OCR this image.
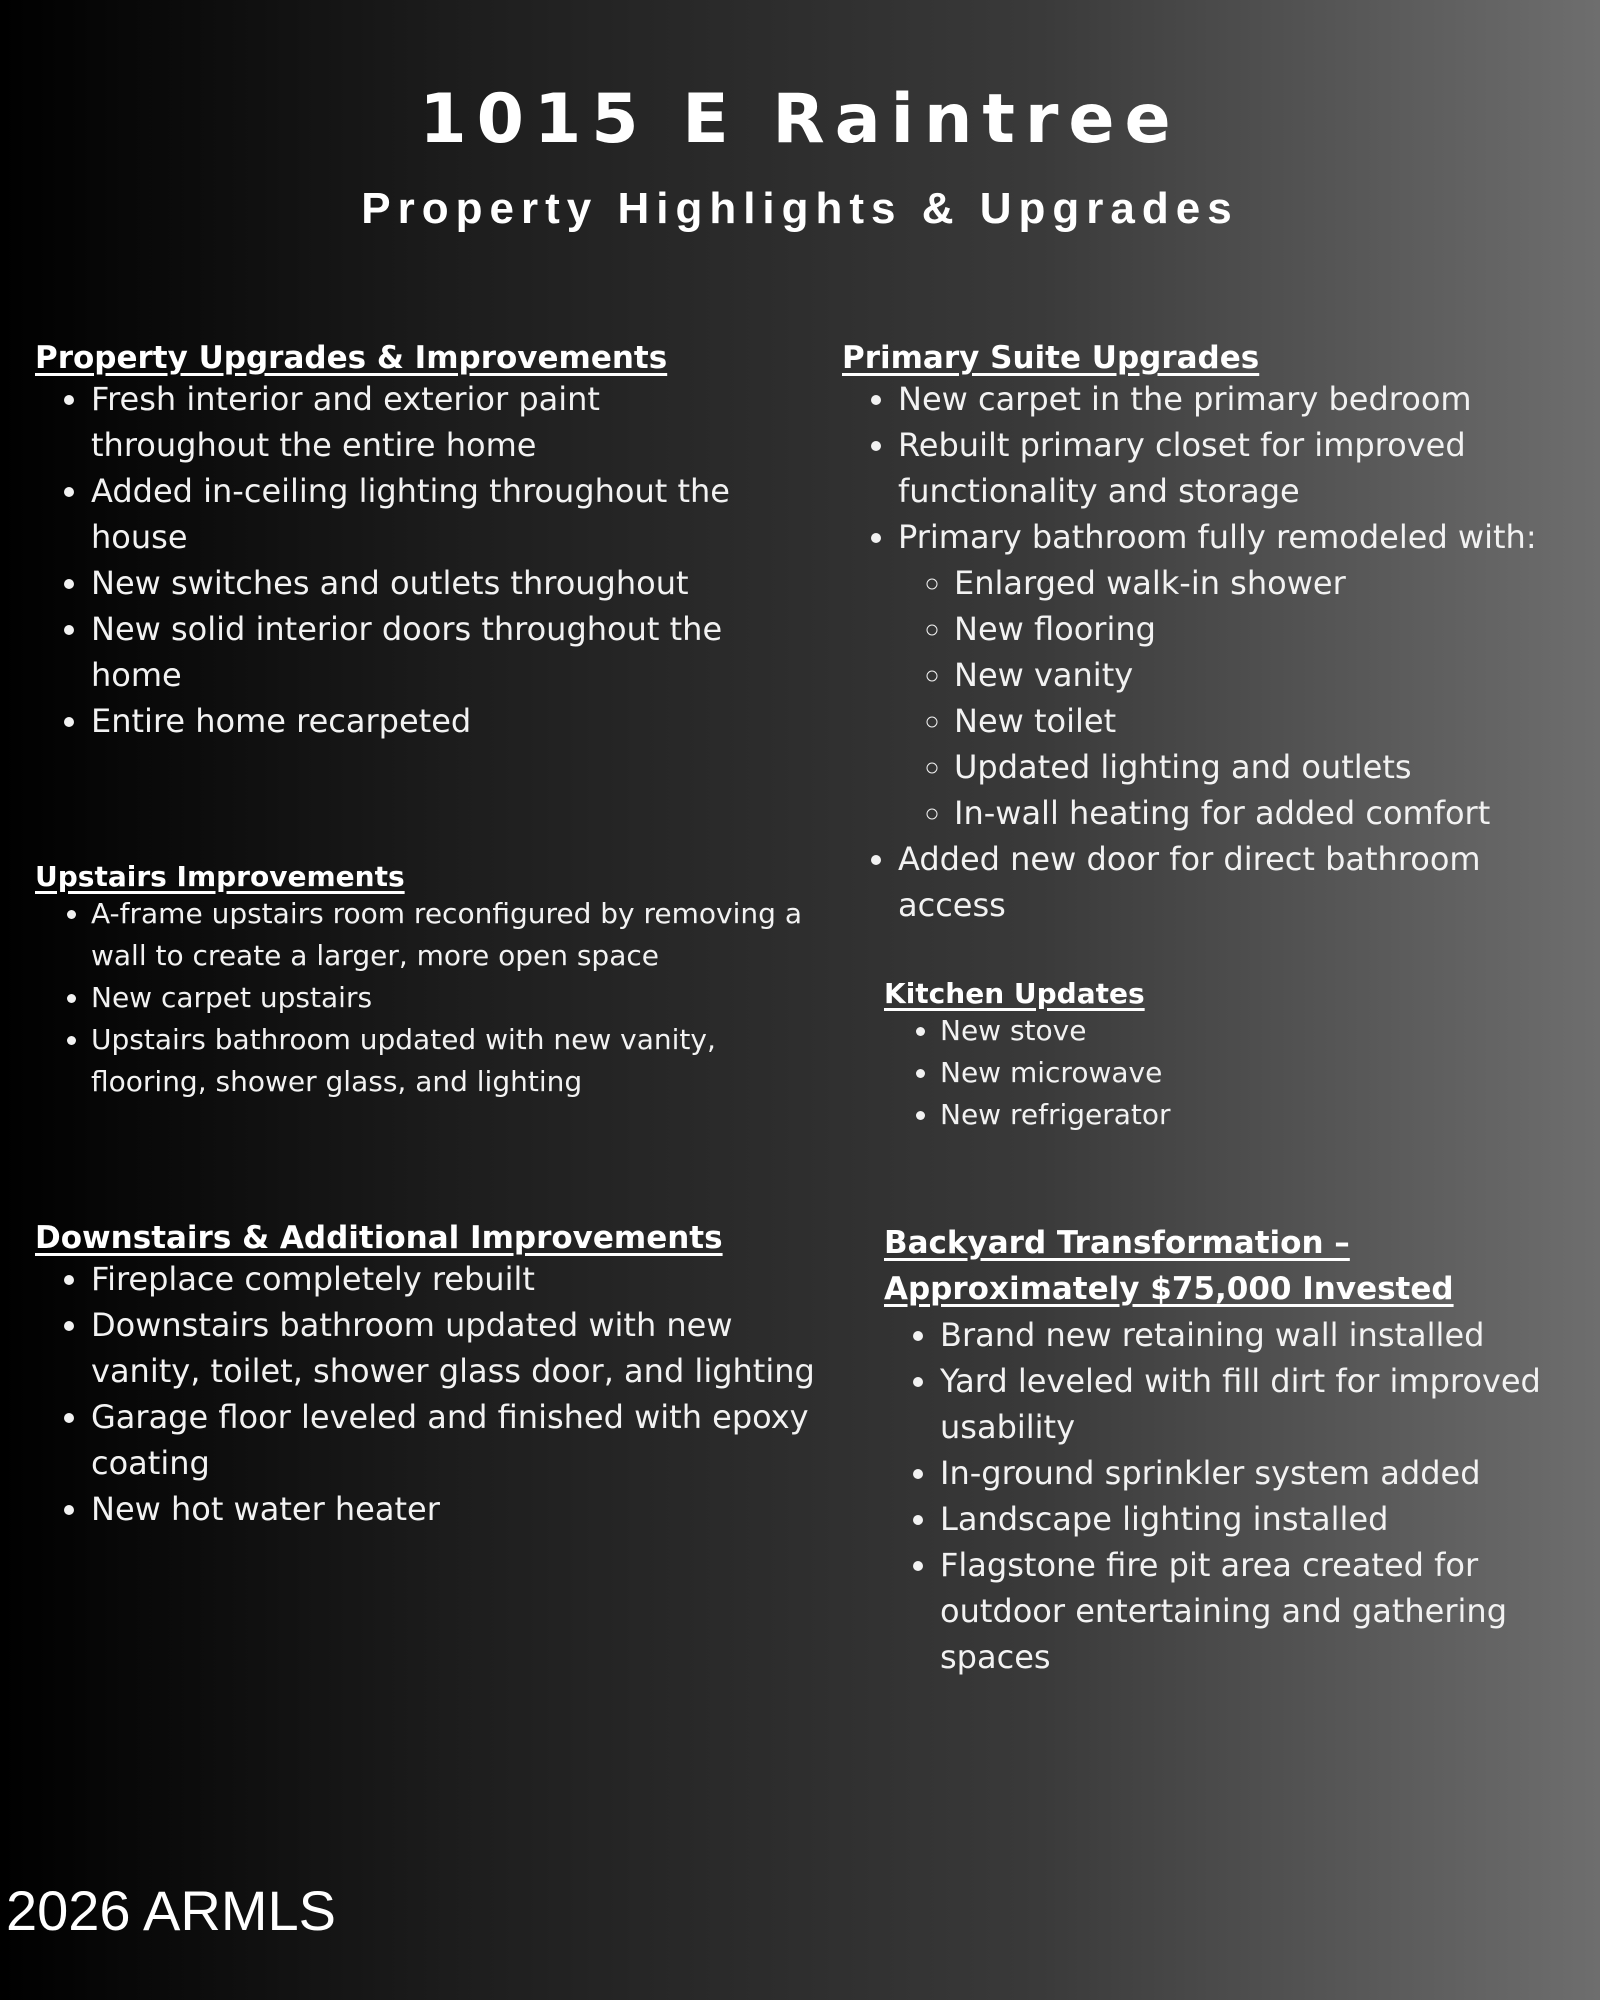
1015 E Raintree
Property Highlights & Upgrades
Property Upgrades & Improvements
• Fresh interior and exterior paint throughout the entire home
• Added in-ceiling lighting throughout the house
• New switches and outlets throughout
• New solid interior doors throughout the home
• Entire home recarpeted
Primary Suite Upgrades
• New carpet in the primary bedroom
• Rebuilt primary closet for improved functionality and storage
• Primary bathroom fully remodeled with:
◦ Enlarged walk-in shower
◦ New flooring
◦ New vanity
◦ New toilet
◦ Updated lighting and outlets
◦ In-wall heating for added comfort
• Added new door for direct bathroom access
Upstairs Improvements
• A-frame upstairs room reconfigured by removing a wall to create a larger, more open space
• New carpet upstairs
• Upstairs bathroom updated with new vanity, flooring, shower glass, and lighting
Kitchen Updates
• New stove
• New microwave
• New refrigerator
Downstairs & Additional Improvements
• Fireplace completely rebuilt
• Downstairs bathroom updated with new vanity, toilet, shower glass door, and lighting
• Garage floor leveled and finished with epoxy coating
• New hot water heater
Backyard Transformation – Approximately $75,000 Invested
• Brand new retaining wall installed
• Yard leveled with fill dirt for improved usability
• In-ground sprinkler system added
• Landscape lighting installed
• Flagstone fire pit area created for outdoor entertaining and gathering spaces
2026 ARMLS
